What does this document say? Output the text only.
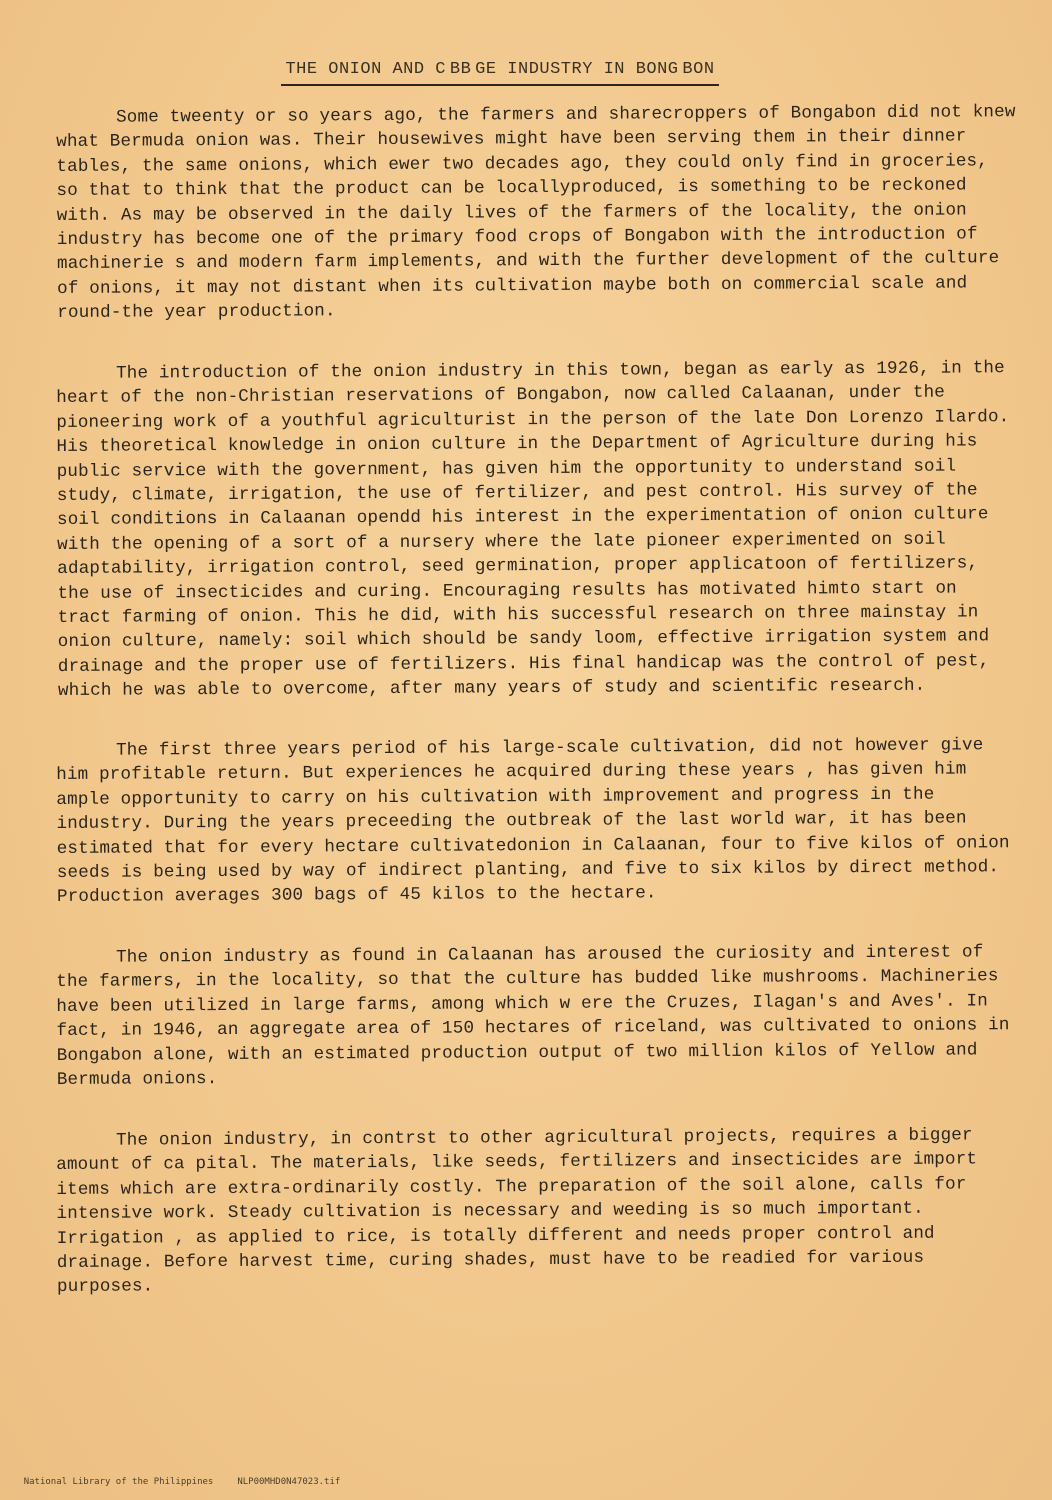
THE ONION AND C BB GE INDUSTRY IN BONG BON

Some tweenty or so years ago, the farmers and sharecroppers of Bongabon did not knew what Bermuda onion was. Their housewives might have been serving them in their dinner tables, the same onions, which ewer two decades ago, they could only find in groceries, so that to think that the product can be locallyproduced, is something to be reckoned with. As may be observed in the daily lives of the farmers of the locality, the onion industry has become one of the primary food crops of Bongabon with the introduction of machinerie s and modern farm implements, and with the further development of the culture of onions, it may not distant when its cultivation maybe both on commercial scale and round-the year production.

The introduction of the onion industry in this town, began as early as 1926, in the heart of the non-Christian reservations of Bongabon, now called Calaanan, under the pioneering work of a youthful agriculturist in the person of the late Don Lorenzo Ilardo. His theoretical knowledge in onion culture in the Department of Agriculture during his public service with the government, has given him the opportunity to understand soil study, climate, irrigation, the use of fertilizer, and pest control. His survey of the soil conditions in Calaanan opendd his interest in the experimentation of onion culture with the opening of a sort of a nursery where the late pioneer experimented on soil adaptability, irrigation control, seed germination, proper applicatoon of fertilizers, the use of insecticides and curing. Encouraging results has motivated himto start on tract farming of onion. This he did, with his successful research on three mainstay in onion culture, namely: soil which should be sandy loom, effective irrigation system and drainage and the proper use of fertilizers. His final handicap was the control of pest, which he was able to overcome, after many years of study and scientific research.

The first three years period of his large-scale cultivation, did not however give him profitable return. But experiences he acquired during these years , has given him ample opportunity to carry on his cultivation with improvement and progress in the industry. During the years preceeding the outbreak of the last world war, it has been estimated that for every hectare cultivatedonion in Calaanan, four to five kilos of onion seeds is being used by way of indirect planting, and five to six kilos by direct method. Production averages 300 bags of 45 kilos to the hectare.

The onion industry as found in Calaanan has aroused the curiosity and interest of the farmers, in the locality, so that the culture has budded like mushrooms. Machineries have been utilized in large farms, among which w ere the Cruzes, Ilagan's and Aves'. In fact, in 1946, an aggregate area of 150 hectares of riceland, was cultivated to onions in Bongabon alone, with an estimated production output of two million kilos of Yellow and Bermuda onions.

The onion industry, in contrst to other agricultural projects, requires a bigger amount of ca pital. The materials, like seeds, fertilizers and insecticides are import items which are extra-ordinarily costly. The preparation of the soil alone, calls for intensive work. Steady cultivation is necessary and weeding is so much important. Irrigation , as applied to rice, is totally different and needs proper control and drainage. Before harvest time, curing shades, must have to be readied for various purposes.

National Library of the Philippines	NLP00MHD0N47023.tif
